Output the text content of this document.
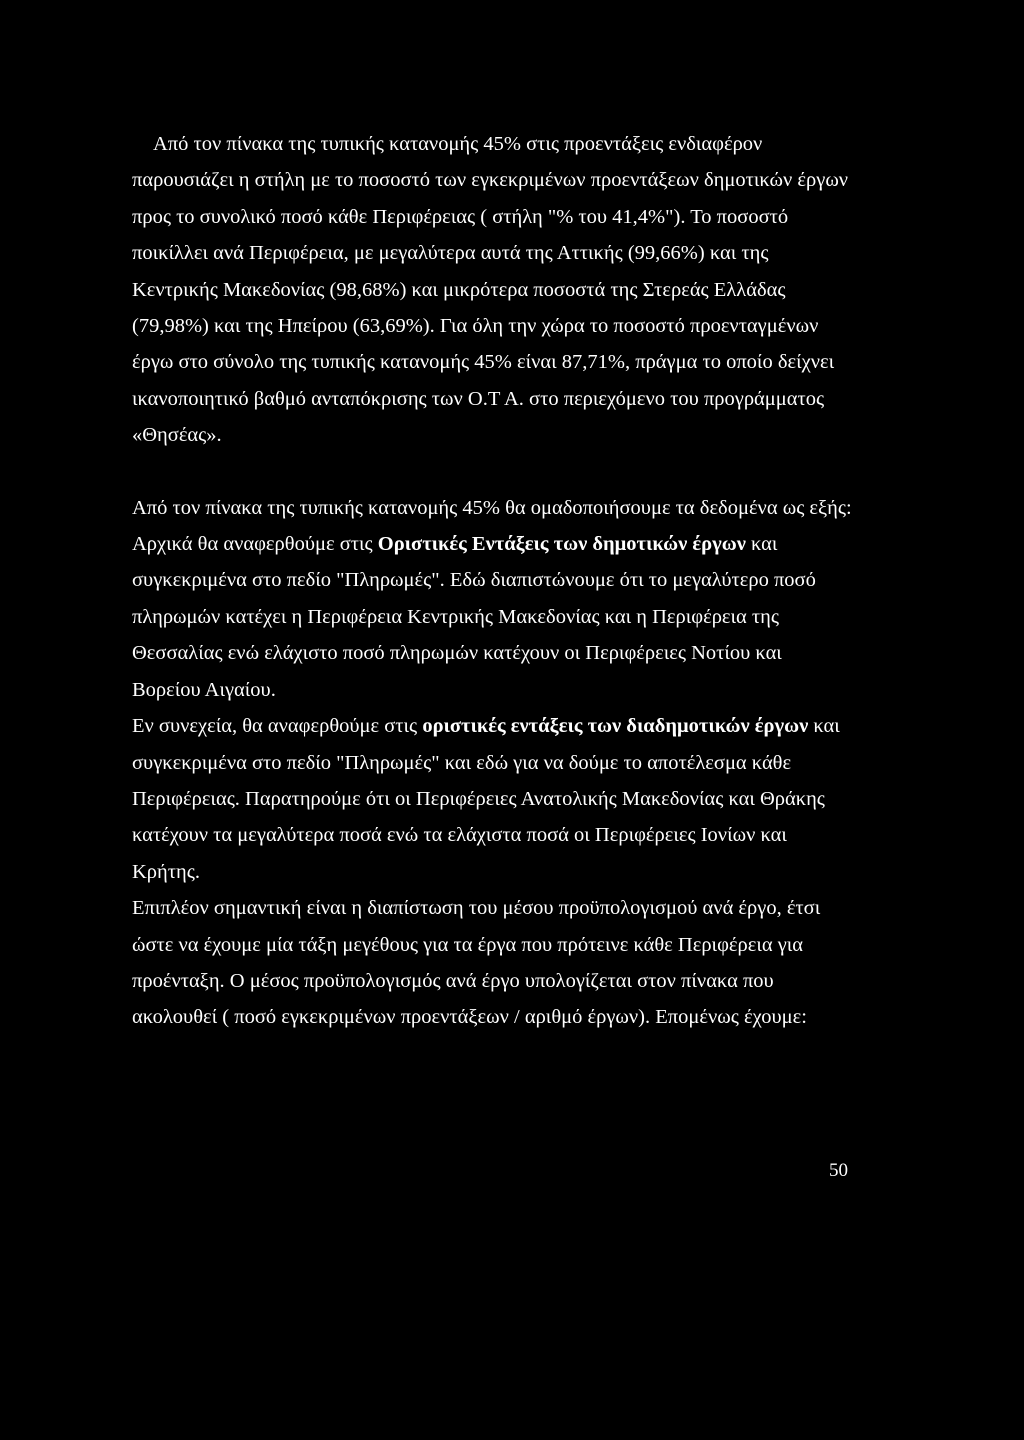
Από τον πίνακα της τυπικής κατανομής 45% στις προεντάξεις ενδιαφέρον παρουσιάζει η στήλη με το ποσοστό των εγκεκριμένων προεντάξεων δημοτικών έργων προς το συνολικό ποσό κάθε Περιφέρειας ( στήλη "% του 41,4%"). Το ποσοστό ποικίλλει ανά Περιφέρεια, με μεγαλύτερα αυτά της Αττικής (99,66%) και της Κεντρικής Μακεδονίας (98,68%) και μικρότερα ποσοστά της Στερεάς Ελλάδας (79,98%) και της Ηπείρου (63,69%). Για όλη την χώρα το ποσοστό προενταγμένων έργω στο σύνολο της τυπικής κατανομής 45% είναι 87,71%, πράγμα το οποίο δείχνει ικανοποιητικό βαθμό ανταπόκρισης των Ο.Τ Α. στο περιεχόμενο του προγράμματος «Θησέας».

Από τον πίνακα της τυπικής κατανομής 45% θα ομαδοποιήσουμε τα δεδομένα ως εξής:

Αρχικά θα αναφερθούμε στις Οριστικές Εντάξεις των δημοτικών έργων και συγκεκριμένα στο πεδίο "Πληρωμές". Εδώ διαπιστώνουμε ότι το μεγαλύτερο ποσό πληρωμών κατέχει η Περιφέρεια Κεντρικής Μακεδονίας και η Περιφέρεια της Θεσσαλίας ενώ ελάχιστο ποσό πληρωμών κατέχουν οι Περιφέρειες Νοτίου και Βορείου Αιγαίου.

Εν συνεχεία, θα αναφερθούμε στις οριστικές εντάξεις των διαδημοτικών έργων και συγκεκριμένα στο πεδίο "Πληρωμές" και εδώ για να δούμε το αποτέλεσμα κάθε Περιφέρειας. Παρατηρούμε ότι οι Περιφέρειες Ανατολικής Μακεδονίας και Θράκης κατέχουν τα μεγαλύτερα ποσά ενώ τα ελάχιστα ποσά οι Περιφέρειες Ιονίων και Κρήτης.

Επιπλέον σημαντική είναι η διαπίστωση του μέσου προϋπολογισμού ανά έργο, έτσι ώστε να έχουμε μία τάξη μεγέθους για τα έργα που πρότεινε κάθε Περιφέρεια για προένταξη. Ο μέσος προϋπολογισμός ανά έργο υπολογίζεται στον πίνακα που ακολουθεί ( ποσό εγκεκριμένων προεντάξεων / αριθμό έργων). Επομένως έχουμε:

50
